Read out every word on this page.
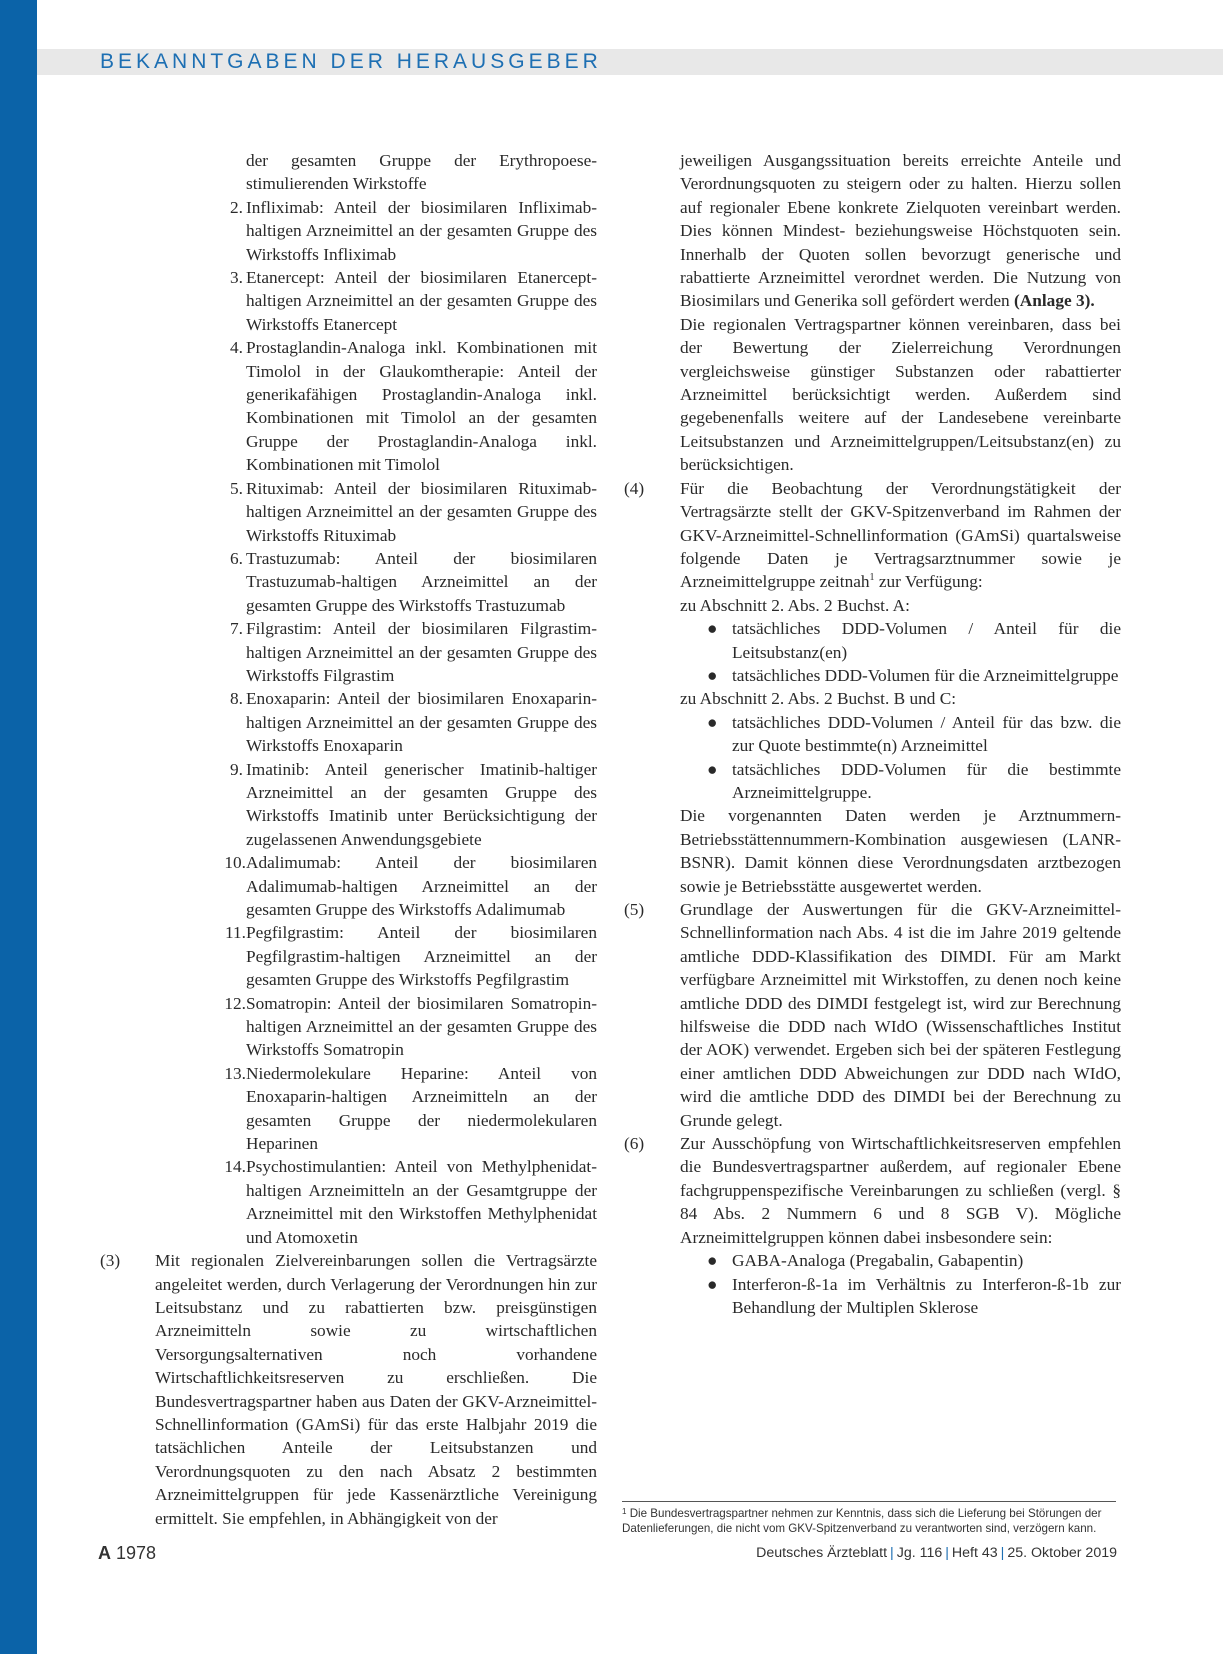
BEKANNTGABEN DER HERAUSGEBER

der gesamten Gruppe der Erythropoese-stimulierenden Wirkstoffe

2. Infliximab: Anteil der biosimilaren Infliximab-haltigen Arzneimittel an der gesamten Gruppe des Wirkstoffs Infliximab
3. Etanercept: Anteil der biosimilaren Etanercept-haltigen Arzneimittel an der gesamten Gruppe des Wirkstoffs Etanercept
4. Prostaglandin-Analoga inkl. Kombinationen mit Timolol in der Glaukomtherapie: Anteil der generikafähigen Prostaglandin-Analoga inkl. Kombinationen mit Timolol an der gesamten Gruppe der Prostaglandin-Analoga inkl. Kombinationen mit Timolol
5. Rituximab: Anteil der biosimilaren Rituximab-haltigen Arzneimittel an der gesamten Gruppe des Wirkstoffs Rituximab
6. Trastuzumab: Anteil der biosimilaren Trastuzumab-haltigen Arzneimittel an der gesamten Gruppe des Wirkstoffs Trastuzumab
7. Filgrastim: Anteil der biosimilaren Filgrastim-haltigen Arzneimittel an der gesamten Gruppe des Wirkstoffs Filgrastim
8. Enoxaparin: Anteil der biosimilaren Enoxaparin-haltigen Arzneimittel an der gesamten Gruppe des Wirkstoffs Enoxaparin
9. Imatinib: Anteil generischer Imatinib-haltiger Arzneimittel an der gesamten Gruppe des Wirkstoffs Imatinib unter Berücksichtigung der zugelassenen Anwendungsgebiete
10. Adalimumab: Anteil der biosimilaren Adalimumab-haltigen Arzneimittel an der gesamten Gruppe des Wirkstoffs Adalimumab
11. Pegfilgrastim: Anteil der biosimilaren Pegfilgrastim-haltigen Arzneimittel an der gesamten Gruppe des Wirkstoffs Pegfilgrastim
12. Somatropin: Anteil der biosimilaren Somatropin-haltigen Arzneimittel an der gesamten Gruppe des Wirkstoffs Somatropin
13. Niedermolekulare Heparine: Anteil von Enoxaparin-haltigen Arzneimitteln an der gesamten Gruppe der niedermolekularen Heparinen
14. Psychostimulantien: Anteil von Methylphenidat-haltigen Arzneimitteln an der Gesamtgruppe der Arzneimittel mit den Wirkstoffen Methylphenidat und Atomoxetin
(3) Mit regionalen Zielvereinbarungen sollen die Vertragsärzte angeleitet werden, durch Verlagerung der Verordnungen hin zur Leitsubstanz und zu rabattierten bzw. preisgünstigen Arzneimitteln sowie zu wirtschaftlichen Versorgungsalternativen noch vorhandene Wirtschaftlichkeitsreserven zu erschließen. Die Bundesvertragspartner haben aus Daten der GKV-Arzneimittel-Schnellinformation (GAmSi) für das erste Halbjahr 2019 die tatsächlichen Anteile der Leitsubstanzen und Verordnungsquoten zu den nach Absatz 2 bestimmten Arzneimittelgruppen für jede Kassenärztliche Vereinigung ermittelt. Sie empfehlen, in Abhängigkeit von der
jeweiligen Ausgangssituation bereits erreichte Anteile und Verordnungsquoten zu steigern oder zu halten. Hierzu sollen auf regionaler Ebene konkrete Zielquoten vereinbart werden. Dies können Mindest- beziehungsweise Höchstquoten sein. Innerhalb der Quoten sollen bevorzugt generische und rabattierte Arzneimittel verordnet werden. Die Nutzung von Biosimilars und Generika soll gefördert werden (Anlage 3).

Die regionalen Vertragspartner können vereinbaren, dass bei der Bewertung der Zielerreichung Verordnungen vergleichsweise günstiger Substanzen oder rabattierter Arzneimittel berücksichtigt werden. Außerdem sind gegebenenfalls weitere auf der Landesebene vereinbarte Leitsubstanzen und Arzneimittelgruppen/Leitsubstanz(en) zu berücksichtigen.

(4) Für die Beobachtung der Verordnungstätigkeit der Vertragsärzte stellt der GKV-Spitzenverband im Rahmen der GKV-Arzneimittel-Schnellinformation (GAmSi) quartalsweise folgende Daten je Vertragsarztnummer sowie je Arzneimittelgruppe zeitnah$^1$ zur Verfügung:
zu Abschnitt 2. Abs. 2 Buchst. A:
● tatsächliches DDD-Volumen / Anteil für die Leitsubstanz(en)
● tatsächliches DDD-Volumen für die Arzneimittelgruppe
zu Abschnitt 2. Abs. 2 Buchst. B und C:
● tatsächliches DDD-Volumen / Anteil für das bzw. die zur Quote bestimmte(n) Arzneimittel
● tatsächliches DDD-Volumen für die bestimmte Arzneimittelgruppe.

Die vorgenannten Daten werden je Arztnummern-Betriebsstättennummern-Kombination ausgewiesen (LANR-BSNR). Damit können diese Verordnungsdaten arztbezogen sowie je Betriebsstätte ausgewertet werden.

(5) Grundlage der Auswertungen für die GKV-Arzneimittel-Schnellinformation nach Abs. 4 ist die im Jahre 2019 geltende amtliche DDD-Klassifikation des DIMDI. Für am Markt verfügbare Arzneimittel mit Wirkstoffen, zu denen noch keine amtliche DDD des DIMDI festgelegt ist, wird zur Berechnung hilfsweise die DDD nach WIdO (Wissenschaftliches Institut der AOK) verwendet. Ergeben sich bei der späteren Festlegung einer amtlichen DDD Abweichungen zur DDD nach WIdO, wird die amtliche DDD des DIMDI bei der Berechnung zu Grunde gelegt.
(6) Zur Ausschöpfung von Wirtschaftlichkeitsreserven empfehlen die Bundesvertragspartner außerdem, auf regionaler Ebene fachgruppenspezifische Vereinbarungen zu schließen (vergl. § 84 Abs. 2 Nummern 6 und 8 SGB V). Mögliche Arzneimittelgruppen können dabei insbesondere sein:
● GABA-Analoga (Pregabalin, Gabapentin)
● Interferon-ß-1a im Verhältnis zu Interferon-ß-1b zur Behandlung der Multiplen Sklerose
$^1$ Die Bundesvertragspartner nehmen zur Kenntnis, dass sich die Lieferung bei Störungen der Datenlieferungen, die nicht vom GKV-Spitzenverband zu verantworten sind, verzögern kann.
A 1978	Deutsches Ärzteblatt | Jg. 116 | Heft 43 | 25. Oktober 2019
